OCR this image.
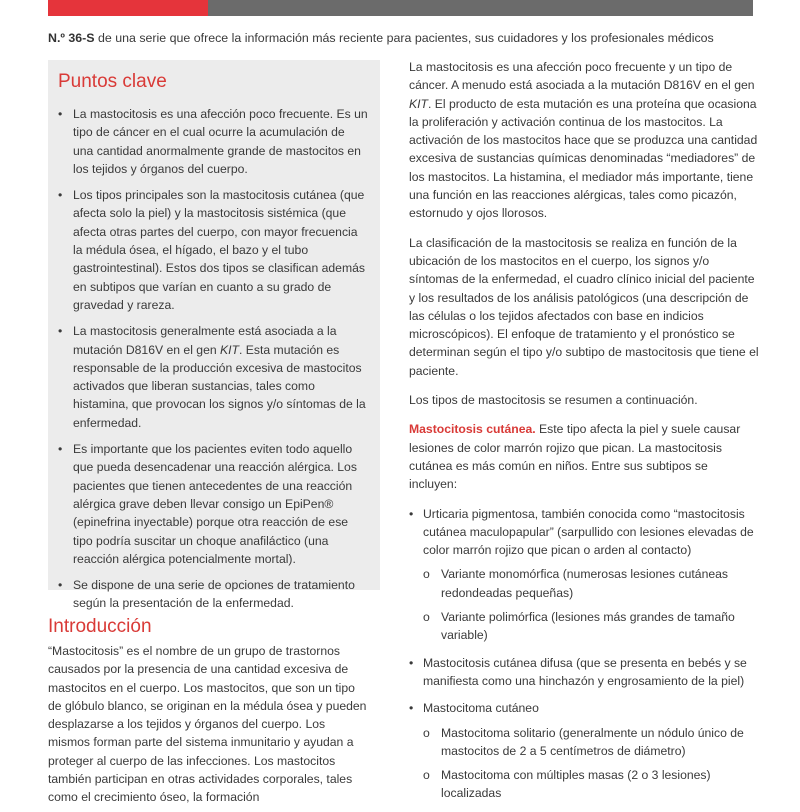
N.º 36-S de una serie que ofrece la información más reciente para pacientes, sus cuidadores y los profesionales médicos
Puntos clave
• La mastocitosis es una afección poco frecuente. Es un tipo de cáncer en el cual ocurre la acumulación de una cantidad anormalmente grande de mastocitos en los tejidos y órganos del cuerpo.
• Los tipos principales son la mastocitosis cutánea (que afecta solo la piel) y la mastocitosis sistémica (que afecta otras partes del cuerpo, con mayor frecuencia la médula ósea, el hígado, el bazo y el tubo gastrointestinal). Estos dos tipos se clasifican además en subtipos que varían en cuanto a su grado de gravedad y rareza.
• La mastocitosis generalmente está asociada a la mutación D816V en el gen KIT. Esta mutación es responsable de la producción excesiva de mastocitos activados que liberan sustancias, tales como histamina, que provocan los signos y/o síntomas de la enfermedad.
• Es importante que los pacientes eviten todo aquello que pueda desencadenar una reacción alérgica. Los pacientes que tienen antecedentes de una reacción alérgica grave deben llevar consigo un EpiPen® (epinefrina inyectable) porque otra reacción de ese tipo podría suscitar un choque anafiláctico (una reacción alérgica potencialmente mortal).
• Se dispone de una serie de opciones de tratamiento según la presentación de la enfermedad.
Introducción

“Mastocitosis” es el nombre de un grupo de trastornos causados por la presencia de una cantidad excesiva de mastocitos en el cuerpo. Los mastocitos, que son un tipo de glóbulo blanco, se originan en la médula ósea y pueden desplazarse a los tejidos y órganos del cuerpo. Los mismos forman parte del sistema inmunitario y ayudan a proteger al cuerpo de las infecciones. Los mastocitos también participan en otras actividades corporales, tales como el crecimiento óseo, la formación

La mastocitosis es una afección poco frecuente y un tipo de cáncer. A menudo está asociada a la mutación D816V en el gen KIT. El producto de esta mutación es una proteína que ocasiona la proliferación y activación continua de los mastocitos. La activación de los mastocitos hace que se produzca una cantidad excesiva de sustancias químicas denominadas “mediadores” de los mastocitos. La histamina, el mediador más importante, tiene una función en las reacciones alérgicas, tales como picazón, estornudo y ojos llorosos.

La clasificación de la mastocitosis se realiza en función de la ubicación de los mastocitos en el cuerpo, los signos y/o síntomas de la enfermedad, el cuadro clínico inicial del paciente y los resultados de los análisis patológicos (una descripción de las células o los tejidos afectados con base en indicios microscópicos). El enfoque de tratamiento y el pronóstico se determinan según el tipo y/o subtipo de mastocitosis que tiene el paciente.

Los tipos de mastocitosis se resumen a continuación.

Mastocitosis cutánea. Este tipo afecta la piel y suele causar lesiones de color marrón rojizo que pican. La mastocitosis cutánea es más común en niños. Entre sus subtipos se incluyen:

• Urticaria pigmentosa, también conocida como “mastocitosis cutánea maculopapular” (sarpullido con lesiones elevadas de color marrón rojizo que pican o arden al contacto)
o Variante monomórfica (numerosas lesiones cutáneas redondeadas pequeñas)
o Variante polimórfica (lesiones más grandes de tamaño variable)
• Mastocitosis cutánea difusa (que se presenta en bebés y se manifiesta como una hinchazón y engrosamiento de la piel)
• Mastocitoma cutáneo
o Mastocitoma solitario (generalmente un nódulo único de mastocitos de 2 a 5 centímetros de diámetro)
o Mastocitoma con múltiples masas (2 o 3 lesiones) localizadas
